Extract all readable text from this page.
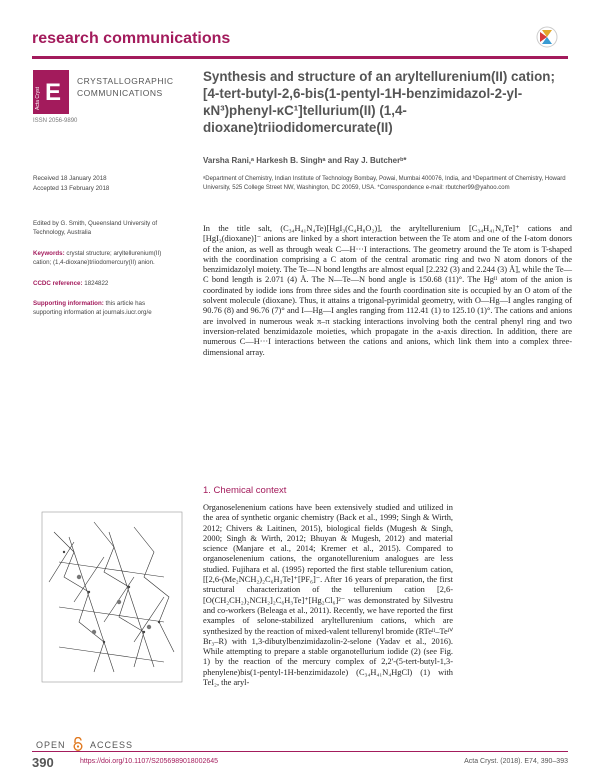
research communications
Acta Cryst E CRYSTALLOGRAPHIC
COMMUNICATIONS
ISSN 2056-9890
Received 18 January 2018
Accepted 13 February 2018
Edited by G. Smith, Queensland University of Technology, Australia
Keywords: crystal structure; aryltellurenium(II) cation; (1,4-dioxane)triiodomercury(II) anion.
CCDC reference: 1824822
Supporting information: this article has supporting information at journals.iucr.org/e
Synthesis and structure of an aryltellurenium(II) cation; [4-tert-butyl-2,6-bis(1-pentyl-1H-benzimidazol-2-yl-κN³)phenyl-κC¹]tellurium(II) (1,4-dioxane)triiodidomercurate(II)
Varsha Rani,ᵃ Harkesh B. Singhᵃ and Ray J. Butcherᵇ*
ᵃDepartment of Chemistry, Indian Institute of Technology Bombay, Powai, Mumbai 400076, India, and ᵇDepartment of Chemistry, Howard University, 525 College Street NW, Washington, DC 20059, USA. *Correspondence e-mail: rbutcher99@yahoo.com
In the title salt, (C₃₄H₄₁N₄Te)[HgI₃(C₄H₈O₂)], the aryltellurenium [C₃₄H₄₁N₄Te]⁺ cations and [HgI₃(dioxane)]⁻ anions are linked by a short interaction between the Te atom and one of the I-atom donors of the anion, as well as through weak C—H···I interactions. The geometry around the Te atom is T-shaped with the coordination comprising a C atom of the central aromatic ring and two N atom donors of the benzimidazolyl moiety. The Te—N bond lengths are almost equal [2.232 (3) and 2.244 (3) Å], while the Te—C bond length is 2.071 (4) Å. The N—Te—N bond angle is 150.68 (11)°. The Hgᴵᴵ atom of the anion is coordinated by iodide ions from three sides and the fourth coordination site is occupied by an O atom of the solvent molecule (dioxane). Thus, it attains a trigonal-pyrimidal geometry, with O—Hg—I angles ranging of 90.76 (8) and 96.76 (7)° and I—Hg—I angles ranging from 112.41 (1) to 125.10 (1)°. The cations and anions are involved in numerous weak π–π stacking interactions involving both the central phenyl ring and two inversion-related benzimidazole moieties, which propagate in the a-axis direction. In addition, there are numerous C—H···I interactions between the cations and anions, which link them into a complex three-dimensional array.
1. Chemical context
Organoselenenium cations have been extensively studied and utilized in the area of synthetic organic chemistry (Back et al., 1999; Singh & Wirth, 2012; Chivers & Laitinen, 2015), biological fields (Mugesh & Singh, 2000; Singh & Wirth, 2012; Bhuyan & Mugesh, 2012) and material science (Manjare et al., 2014; Kremer et al., 2015). Compared to organoselenenium cations, the organotellurenium analogues are less studied. Fujihara et al. (1995) reported the first stable tellurenium cation, [[2,6-(Me₂NCH₂)₂C₆H₃Te]⁺[PF₆]⁻. After 16 years of preparation, the first structural characterization of the tellurenium cation [2,6-[O(CH₂CH₂)₂NCH₂]₂C₆H₃Te]⁺[Hg₂Cl₆]²⁻ was demonstrated by Silvestru and co-workers (Beleaga et al., 2011). Recently, we have reported the first examples of selone-stabilized aryltellurenium cations, which are synthesized by the reaction of mixed-valent tellurenyl bromide (RTeᴵᴵ–Teᴵⱽ Br₃–R) with 1,3-dibutylbenzimidazolin-2-selone (Yadav et al., 2016). While attempting to prepare a stable organotellurium iodide (2) (see Fig. 1) by the reaction of the mercury complex of 2,2'-(5-tert-butyl-1,3-phenylene)bis(1-pentyl-1H-benzimidazole) (C₃₄H₄₁N₄HgCl) (1) with TeI₂, the aryl-
OPEN	ACCESS
390	https://doi.org/10.1107/S2056989018002645	Acta Cryst. (2018). E74, 390–393
